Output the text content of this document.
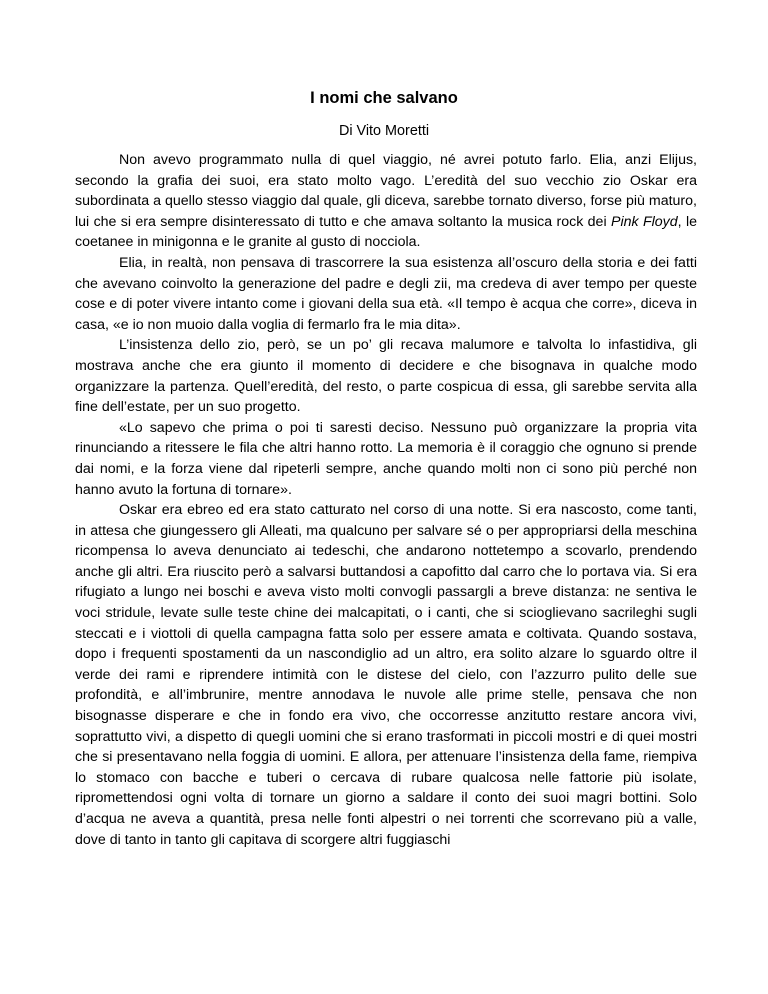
I nomi che salvano
Di Vito Moretti

Non avevo programmato nulla di quel viaggio, né avrei potuto farlo. Elia, anzi Elijus, secondo la grafia dei suoi, era stato molto vago. L’eredità del suo vecchio zio Oskar era subordinata a quello stesso viaggio dal quale, gli diceva, sarebbe tornato diverso, forse più maturo, lui che si era sempre disinteressato di tutto e che amava soltanto la musica rock dei Pink Floyd, le coetanee in minigonna e le granite al gusto di nocciola.

Elia, in realtà, non pensava di trascorrere la sua esistenza all’oscuro della storia e dei fatti che avevano coinvolto la generazione del padre e degli zii, ma credeva di aver tempo per queste cose e di poter vivere intanto come i giovani della sua età. «Il tempo è acqua che corre», diceva in casa, «e io non muoio dalla voglia di fermarlo fra le mia dita».

L’insistenza dello zio, però, se un po’ gli recava malumore e talvolta lo infastidiva, gli mostrava anche che era giunto il momento di decidere e che bisognava in qualche modo organizzare la partenza. Quell’eredità, del resto, o parte cospicua di essa, gli sarebbe servita alla fine dell’estate, per un suo progetto.

«Lo sapevo che prima o poi ti saresti deciso. Nessuno può organizzare la propria vita rinunciando a ritessere le fila che altri hanno rotto. La memoria è il coraggio che ognuno si prende dai nomi, e la forza viene dal ripeterli sempre, anche quando molti non ci sono più perché non hanno avuto la fortuna di tornare».

Oskar era ebreo ed era stato catturato nel corso di una notte. Si era nascosto, come tanti, in attesa che giungessero gli Alleati, ma qualcuno per salvare sé o per appropriarsi della meschina ricompensa lo aveva denunciato ai tedeschi, che andarono nottetempo a scovarlo, prendendo anche gli altri. Era riuscito però a salvarsi buttandosi a capofitto dal carro che lo portava via. Si era rifugiato a lungo nei boschi e aveva visto molti convogli passargli a breve distanza: ne sentiva le voci stridule, levate sulle teste chine dei malcapitati, o i canti, che si scioglievano sacrileghi sugli steccati e i viottoli di quella campagna fatta solo per essere amata e coltivata. Quando sostava, dopo i frequenti spostamenti da un nascondiglio ad un altro, era solito alzare lo sguardo oltre il verde dei rami e riprendere intimità con le distese del cielo, con l’azzurro pulito delle sue profondità, e all’imbrunire, mentre annodava le nuvole alle prime stelle, pensava che non bisognasse disperare e che in fondo era vivo, che occorresse anzitutto restare ancora vivi, soprattutto vivi, a dispetto di quegli uomini che si erano trasformati in piccoli mostri e di quei mostri che si presentavano nella foggia di uomini. E allora, per attenuare l’insistenza della fame, riempiva lo stomaco con bacche e tuberi o cercava di rubare qualcosa nelle fattorie più isolate, ripromettendosi ogni volta di tornare un giorno a saldare il conto dei suoi magri bottini. Solo d’acqua ne aveva a quantità, presa nelle fonti alpestri o nei torrenti che scorrevano più a valle, dove di tanto in tanto gli capitava di scorgere altri fuggiaschi
